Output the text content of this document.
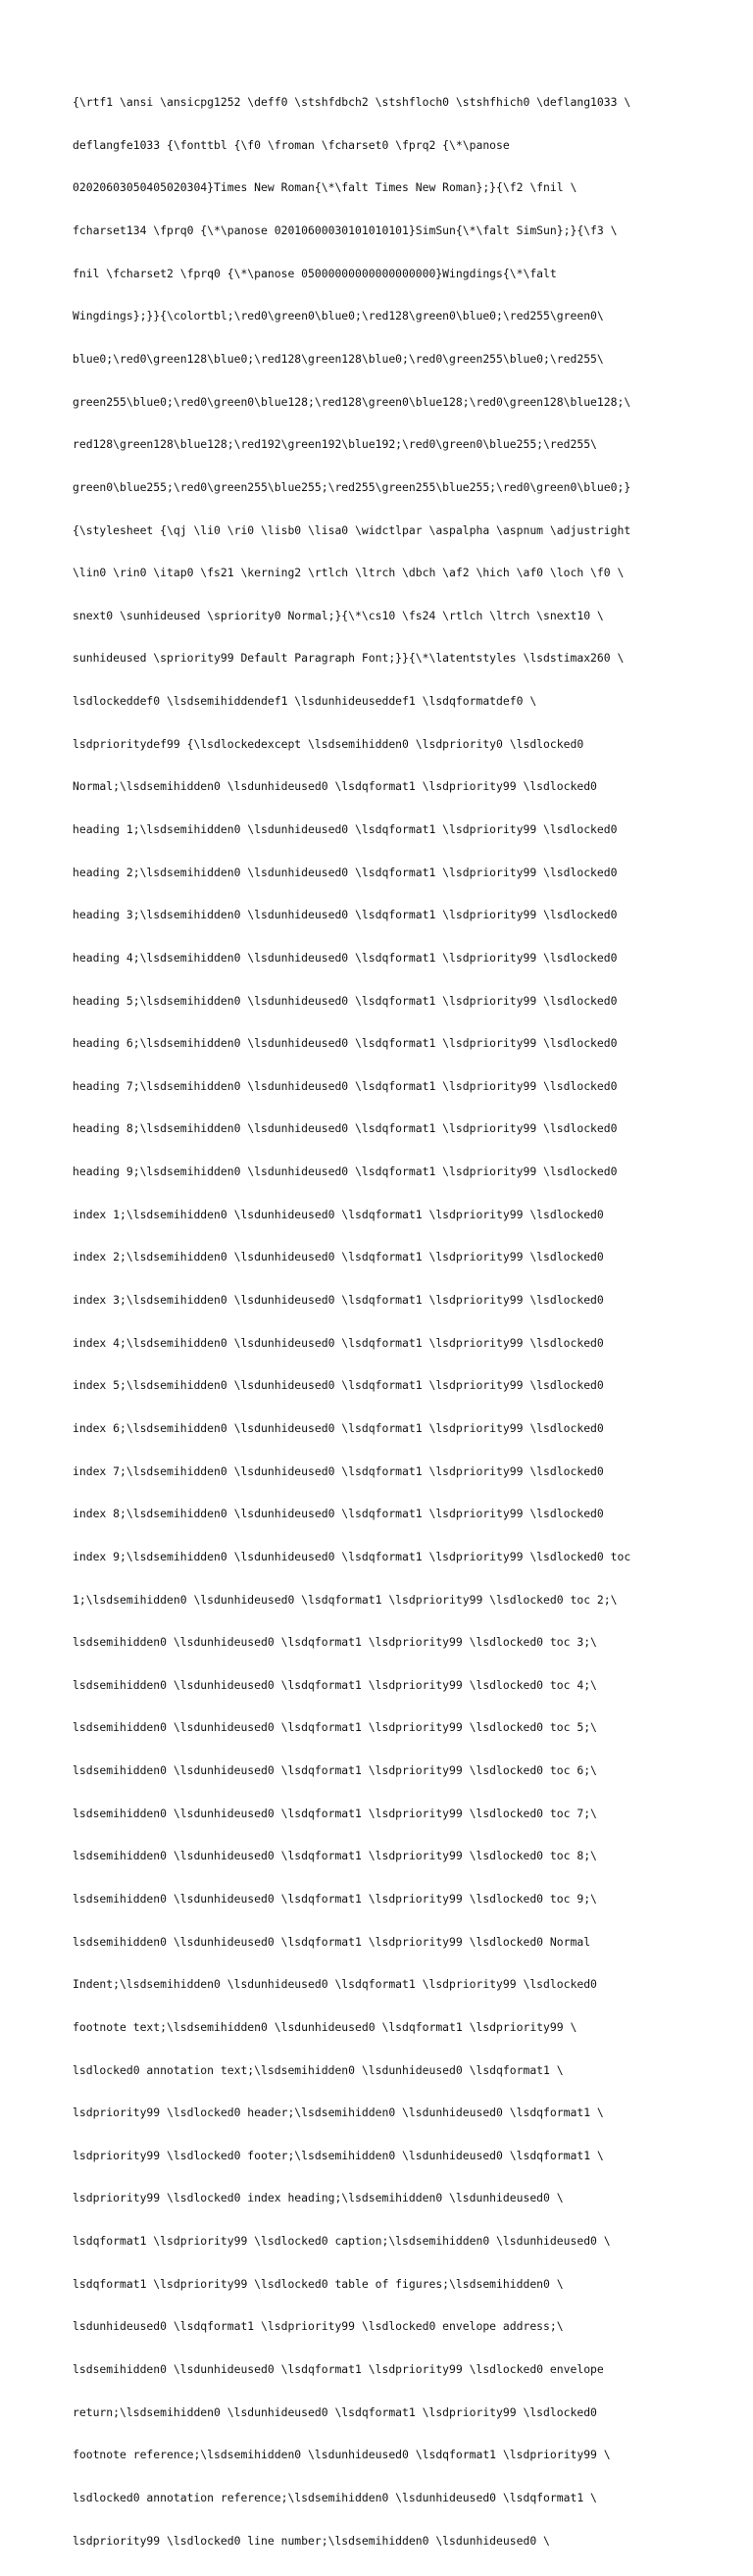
{\rtf1 \ansi \ansicpg1252 \deff0 \stshfdbch2 \stshfloch0 \stshfhich0 \deflang1033 \

deflangfe1033 {\fonttbl {\f0 \froman \fcharset0 \fprq2 {\*\panose

02020603050405020304}Times New Roman{\*\falt Times New Roman};}{\f2 \fnil \

fcharset134 \fprq0 {\*\panose 02010600030101010101}SimSun{\*\falt SimSun};}{\f3 \

fnil \fcharset2 \fprq0 {\*\panose 05000000000000000000}Wingdings{\*\falt

Wingdings};}}{\colortbl;\red0\green0\blue0;\red128\green0\blue0;\red255\green0\

blue0;\red0\green128\blue0;\red128\green128\blue0;\red0\green255\blue0;\red255\

green255\blue0;\red0\green0\blue128;\red128\green0\blue128;\red0\green128\blue128;\

red128\green128\blue128;\red192\green192\blue192;\red0\green0\blue255;\red255\

green0\blue255;\red0\green255\blue255;\red255\green255\blue255;\red0\green0\blue0;}

{\stylesheet {\qj \li0 \ri0 \lisb0 \lisa0 \widctlpar \aspalpha \aspnum \adjustright

\lin0 \rin0 \itap0 \fs21 \kerning2 \rtlch \ltrch \dbch \af2 \hich \af0 \loch \f0 \

snext0 \sunhideused \spriority0 Normal;}{\*\cs10 \fs24 \rtlch \ltrch \snext10 \

sunhideused \spriority99 Default Paragraph Font;}}{\*\latentstyles \lsdstimax260 \

lsdlockeddef0 \lsdsemihiddendef1 \lsdunhideuseddef1 \lsdqformatdef0 \

lsdprioritydef99 {\lsdlockedexcept \lsdsemihidden0 \lsdpriority0 \lsdlocked0

Normal;\lsdsemihidden0 \lsdunhideused0 \lsdqformat1 \lsdpriority99 \lsdlocked0

heading 1;\lsdsemihidden0 \lsdunhideused0 \lsdqformat1 \lsdpriority99 \lsdlocked0

heading 2;\lsdsemihidden0 \lsdunhideused0 \lsdqformat1 \lsdpriority99 \lsdlocked0

heading 3;\lsdsemihidden0 \lsdunhideused0 \lsdqformat1 \lsdpriority99 \lsdlocked0

heading 4;\lsdsemihidden0 \lsdunhideused0 \lsdqformat1 \lsdpriority99 \lsdlocked0

heading 5;\lsdsemihidden0 \lsdunhideused0 \lsdqformat1 \lsdpriority99 \lsdlocked0

heading 6;\lsdsemihidden0 \lsdunhideused0 \lsdqformat1 \lsdpriority99 \lsdlocked0

heading 7;\lsdsemihidden0 \lsdunhideused0 \lsdqformat1 \lsdpriority99 \lsdlocked0

heading 8;\lsdsemihidden0 \lsdunhideused0 \lsdqformat1 \lsdpriority99 \lsdlocked0

heading 9;\lsdsemihidden0 \lsdunhideused0 \lsdqformat1 \lsdpriority99 \lsdlocked0

index 1;\lsdsemihidden0 \lsdunhideused0 \lsdqformat1 \lsdpriority99 \lsdlocked0

index 2;\lsdsemihidden0 \lsdunhideused0 \lsdqformat1 \lsdpriority99 \lsdlocked0

index 3;\lsdsemihidden0 \lsdunhideused0 \lsdqformat1 \lsdpriority99 \lsdlocked0

index 4;\lsdsemihidden0 \lsdunhideused0 \lsdqformat1 \lsdpriority99 \lsdlocked0

index 5;\lsdsemihidden0 \lsdunhideused0 \lsdqformat1 \lsdpriority99 \lsdlocked0

index 6;\lsdsemihidden0 \lsdunhideused0 \lsdqformat1 \lsdpriority99 \lsdlocked0

index 7;\lsdsemihidden0 \lsdunhideused0 \lsdqformat1 \lsdpriority99 \lsdlocked0

index 8;\lsdsemihidden0 \lsdunhideused0 \lsdqformat1 \lsdpriority99 \lsdlocked0

index 9;\lsdsemihidden0 \lsdunhideused0 \lsdqformat1 \lsdpriority99 \lsdlocked0 toc

1;\lsdsemihidden0 \lsdunhideused0 \lsdqformat1 \lsdpriority99 \lsdlocked0 toc 2;\

lsdsemihidden0 \lsdunhideused0 \lsdqformat1 \lsdpriority99 \lsdlocked0 toc 3;\

lsdsemihidden0 \lsdunhideused0 \lsdqformat1 \lsdpriority99 \lsdlocked0 toc 4;\

lsdsemihidden0 \lsdunhideused0 \lsdqformat1 \lsdpriority99 \lsdlocked0 toc 5;\

lsdsemihidden0 \lsdunhideused0 \lsdqformat1 \lsdpriority99 \lsdlocked0 toc 6;\

lsdsemihidden0 \lsdunhideused0 \lsdqformat1 \lsdpriority99 \lsdlocked0 toc 7;\

lsdsemihidden0 \lsdunhideused0 \lsdqformat1 \lsdpriority99 \lsdlocked0 toc 8;\

lsdsemihidden0 \lsdunhideused0 \lsdqformat1 \lsdpriority99 \lsdlocked0 toc 9;\

lsdsemihidden0 \lsdunhideused0 \lsdqformat1 \lsdpriority99 \lsdlocked0 Normal

Indent;\lsdsemihidden0 \lsdunhideused0 \lsdqformat1 \lsdpriority99 \lsdlocked0

footnote text;\lsdsemihidden0 \lsdunhideused0 \lsdqformat1 \lsdpriority99 \

lsdlocked0 annotation text;\lsdsemihidden0 \lsdunhideused0 \lsdqformat1 \

lsdpriority99 \lsdlocked0 header;\lsdsemihidden0 \lsdunhideused0 \lsdqformat1 \

lsdpriority99 \lsdlocked0 footer;\lsdsemihidden0 \lsdunhideused0 \lsdqformat1 \

lsdpriority99 \lsdlocked0 index heading;\lsdsemihidden0 \lsdunhideused0 \

lsdqformat1 \lsdpriority99 \lsdlocked0 caption;\lsdsemihidden0 \lsdunhideused0 \

lsdqformat1 \lsdpriority99 \lsdlocked0 table of figures;\lsdsemihidden0 \

lsdunhideused0 \lsdqformat1 \lsdpriority99 \lsdlocked0 envelope address;\

lsdsemihidden0 \lsdunhideused0 \lsdqformat1 \lsdpriority99 \lsdlocked0 envelope

return;\lsdsemihidden0 \lsdunhideused0 \lsdqformat1 \lsdpriority99 \lsdlocked0

footnote reference;\lsdsemihidden0 \lsdunhideused0 \lsdqformat1 \lsdpriority99 \

lsdlocked0 annotation reference;\lsdsemihidden0 \lsdunhideused0 \lsdqformat1 \

lsdpriority99 \lsdlocked0 line number;\lsdsemihidden0 \lsdunhideused0 \
